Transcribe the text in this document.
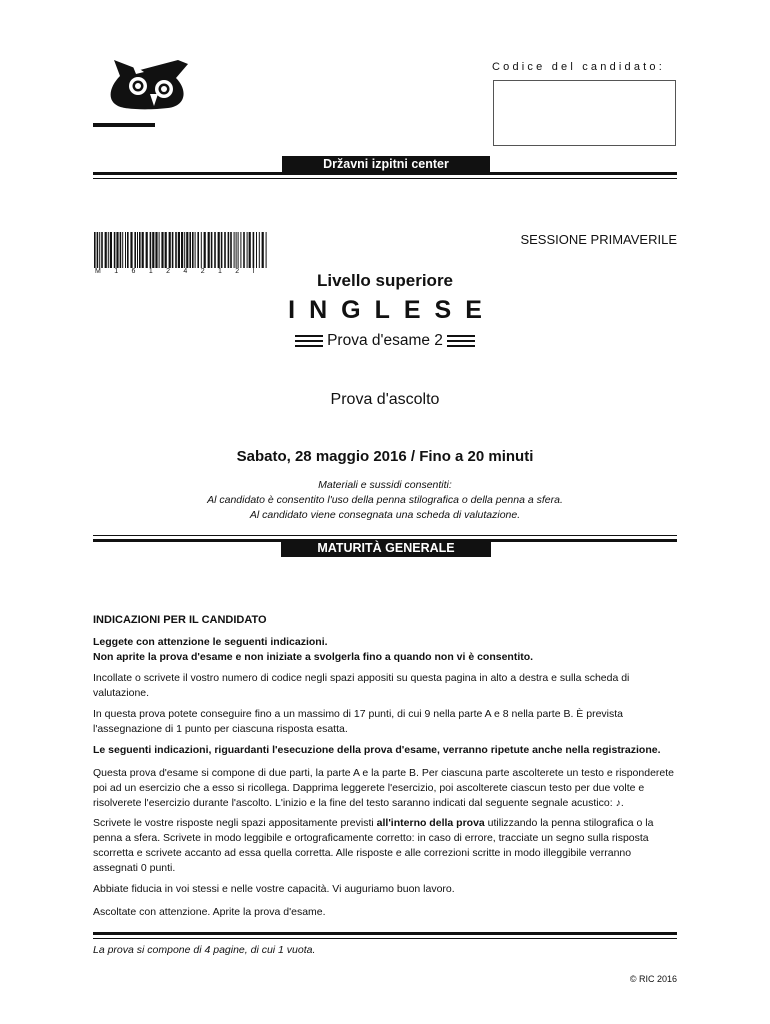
Codice del candidato:
Državni izpitni center
M16124212I
SESSIONE PRIMAVERILE
Livello superiore
INGLESE
Prova d'esame 2
Prova d'ascolto
Sabato, 28 maggio 2016 / Fino a 20 minuti
Materiali e sussidi consentiti:
Al candidato è consentito l'uso della penna stilografica o della penna a sfera.
Al candidato viene consegnata una scheda di valutazione.
MATURITÀ GENERALE
INDICAZIONI PER IL CANDIDATO
Leggete con attenzione le seguenti indicazioni.
Non aprite la prova d'esame e non iniziate a svolgerla fino a quando non vi è consentito.
Incollate o scrivete il vostro numero di codice negli spazi appositi su questa pagina in alto a destra e sulla scheda di valutazione.
In questa prova potete conseguire fino a un massimo di 17 punti, di cui 9 nella parte A e 8 nella parte B. È prevista l'assegnazione di 1 punto per ciascuna risposta esatta.
Le seguenti indicazioni, riguardanti l'esecuzione della prova d'esame, verranno ripetute anche nella registrazione.
Questa prova d'esame si compone di due parti, la parte A e la parte B. Per ciascuna parte ascolterete un testo e risponderete poi ad un esercizio che a esso si ricollega. Dapprima leggerete l'esercizio, poi ascolterete ciascun testo per due volte e risolverete l'esercizio durante l'ascolto. L'inizio e la fine del testo saranno indicati dal seguente segnale acustico: ♪.
Scrivete le vostre risposte negli spazi appositamente previsti all'interno della prova utilizzando la penna stilografica o la penna a sfera. Scrivete in modo leggibile e ortograficamente corretto: in caso di errore, tracciate un segno sulla risposta scorretta e scrivete accanto ad essa quella corretta. Alle risposte e alle correzioni scritte in modo illeggibile verranno assegnati 0 punti.
Abbiate fiducia in voi stessi e nelle vostre capacità. Vi auguriamo buon lavoro.
Ascoltate con attenzione. Aprite la prova d'esame.
La prova si compone di 4 pagine, di cui 1 vuota.
© RIC 2016
